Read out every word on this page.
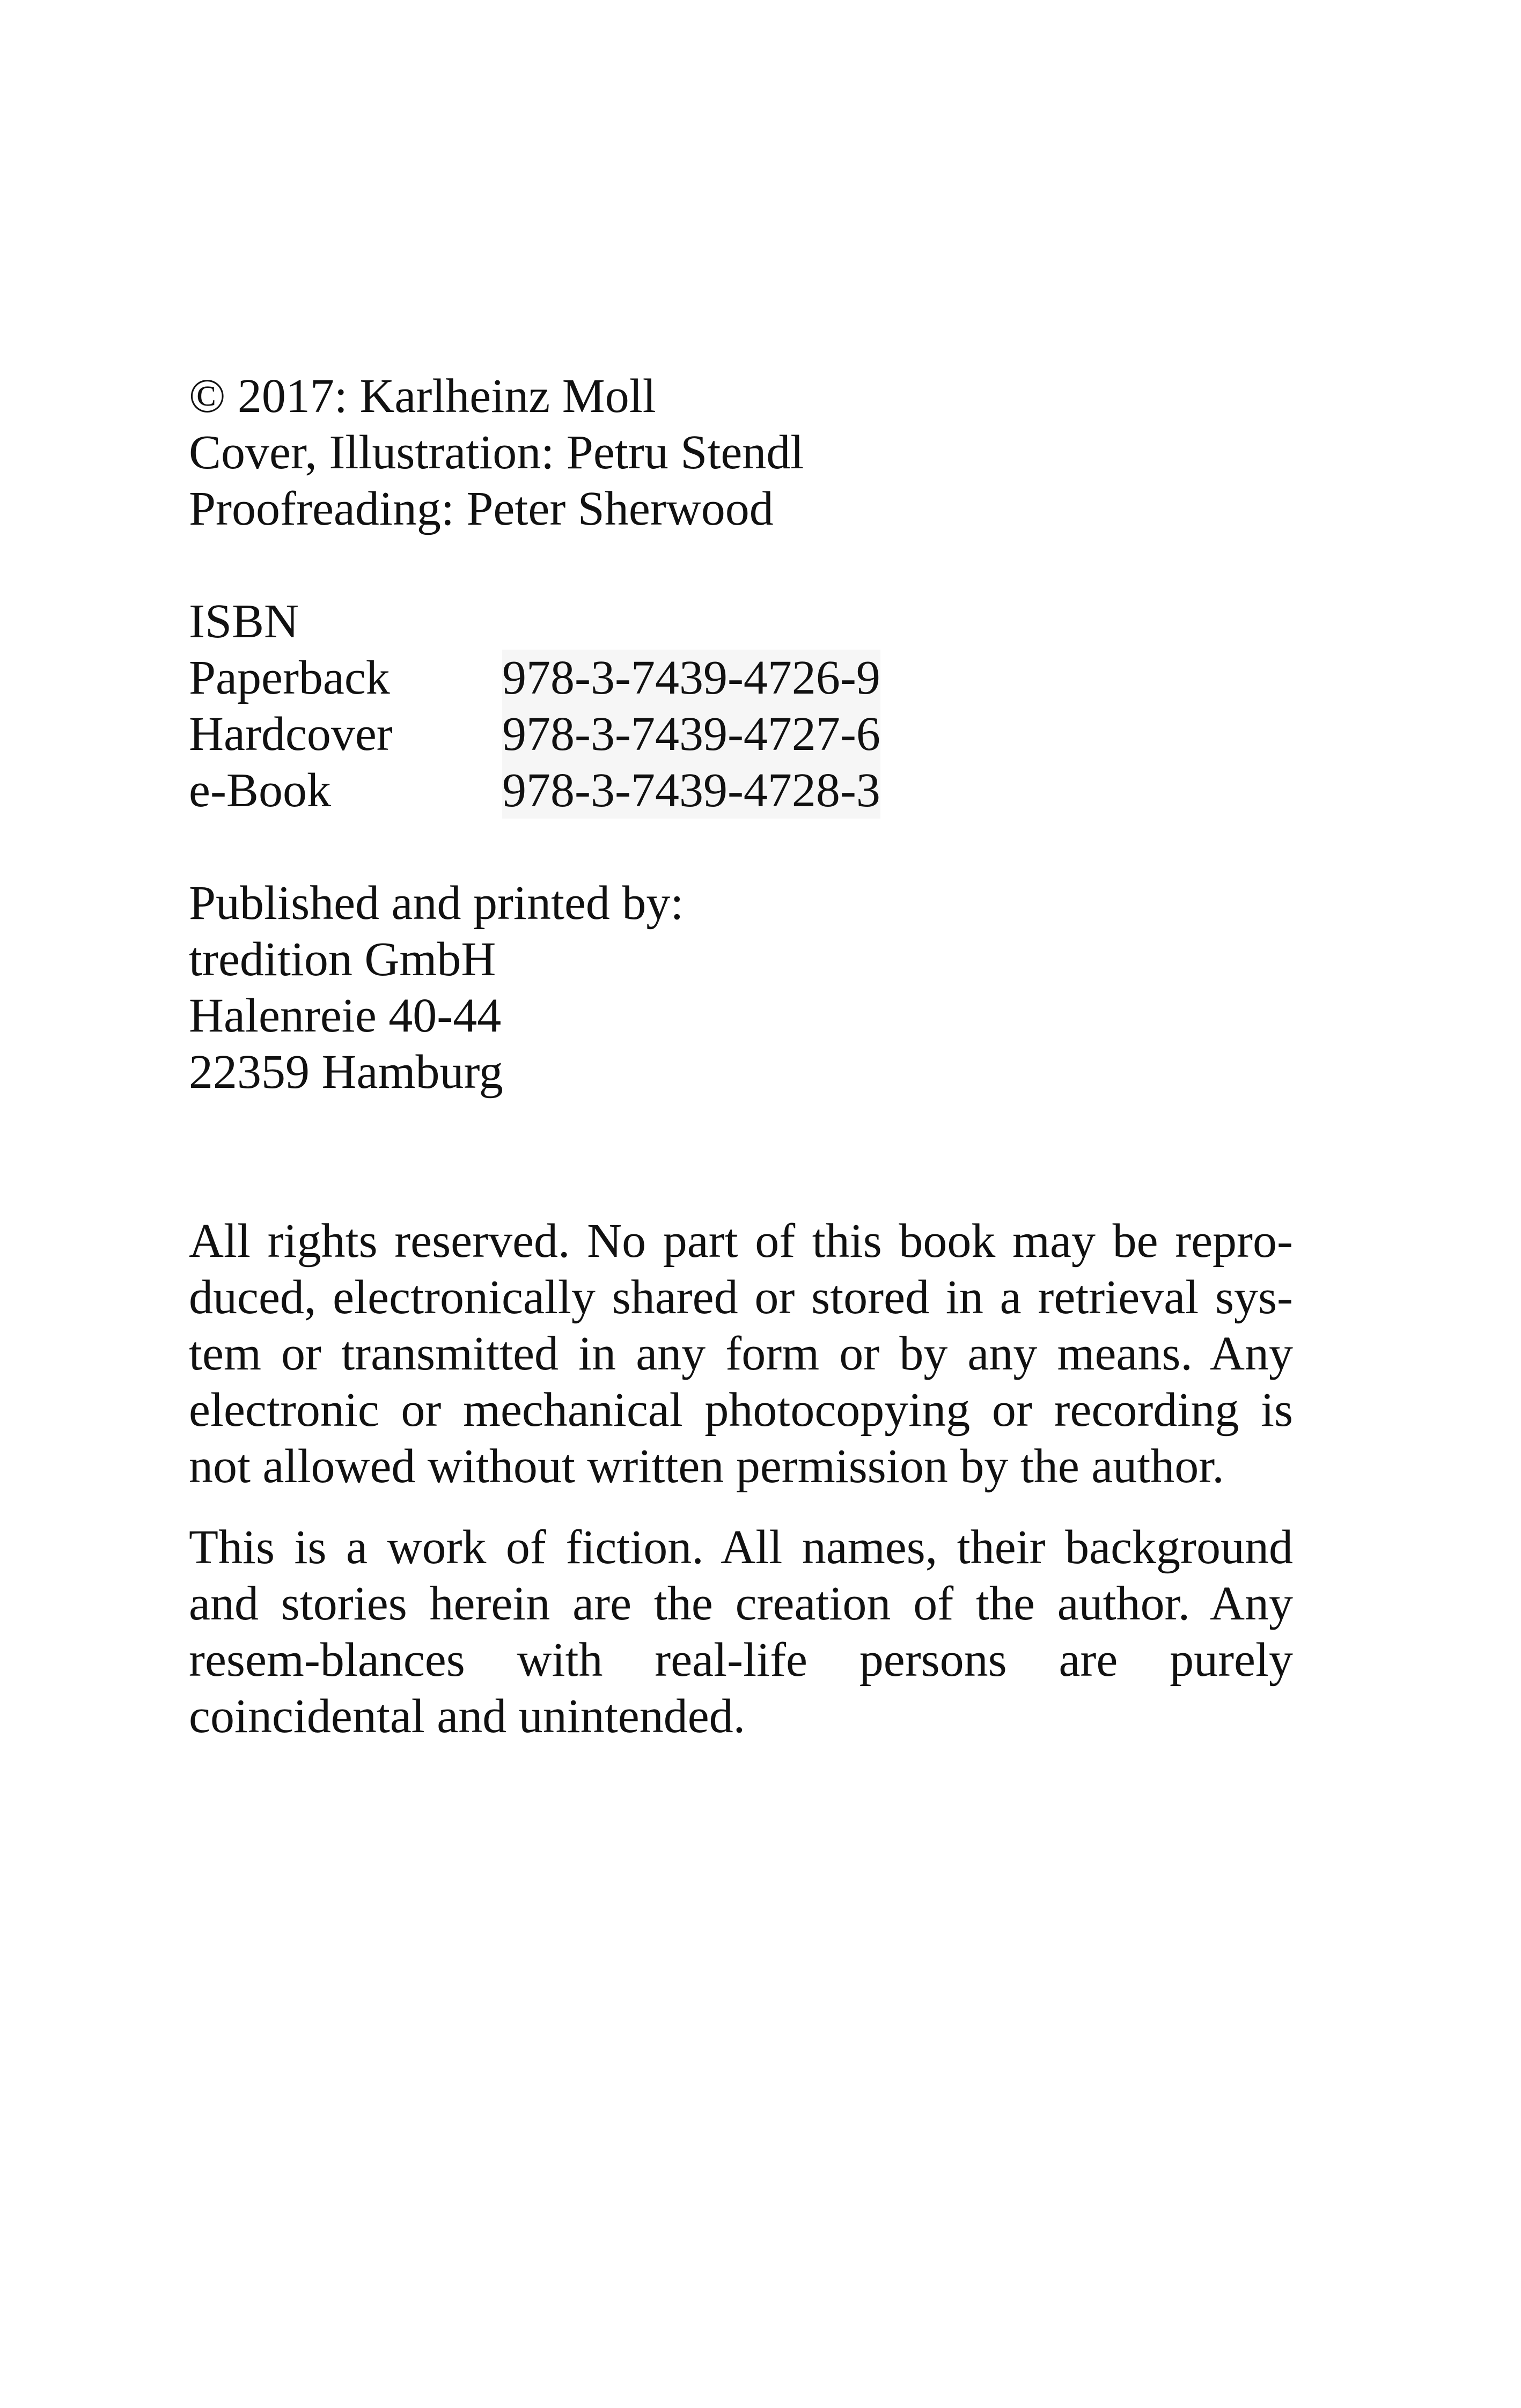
© 2017: Karlheinz Moll
Cover, Illustration: Petru Stendl
Proofreading: Peter Sherwood
ISBN
Paperback	978-3-7439-4726-9
Hardcover	978-3-7439-4727-6
e-Book	978-3-7439-4728-3
Published and printed by:
tredition GmbH
Halenreie 40-44
22359 Hamburg

All rights reserved. No part of this book may be repro-duced, electronically shared or stored in a retrieval sys-tem or transmitted in any form or by any means. Any electronic or mechanical photocopying or recording is not allowed without written permission by the author.

This is a work of fiction. All names, their background and stories herein are the creation of the author. Any resem-blances with real-life persons are purely coincidental and unintended.
